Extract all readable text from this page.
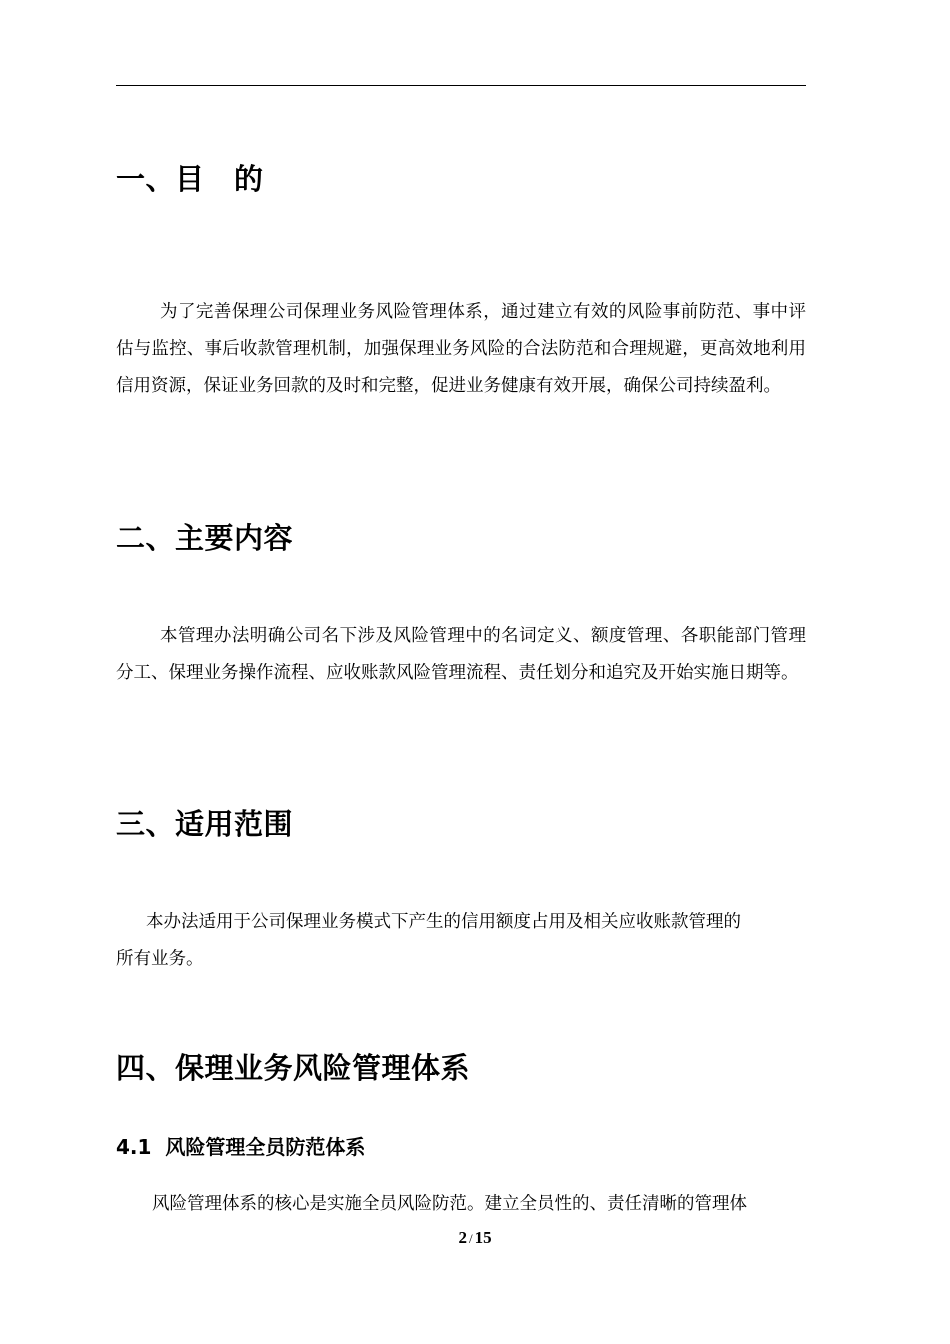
一、目　的

为了完善保理公司保理业务风险管理体系，通过建立有效的风险事前防范、事中评估与监控、事后收款管理机制，加强保理业务风险的合法防范和合理规避，更高效地利用信用资源，保证业务回款的及时和完整，促进业务健康有效开展，确保公司持续盈利。

二、主要内容

本管理办法明确公司名下涉及风险管理中的名词定义、额度管理、各职能部门管理分工、保理业务操作流程、应收账款风险管理流程、责任划分和追究及开始实施日期等。

三、适用范围

本办法适用于公司保理业务模式下产生的信用额度占用及相关应收账款管理的
所有业务。

四、保理业务风险管理体系
4.1  风险管理全员防范体系

风险管理体系的核心是实施全员风险防范。建立全员性的、责任清晰的管理体

2 / 15
